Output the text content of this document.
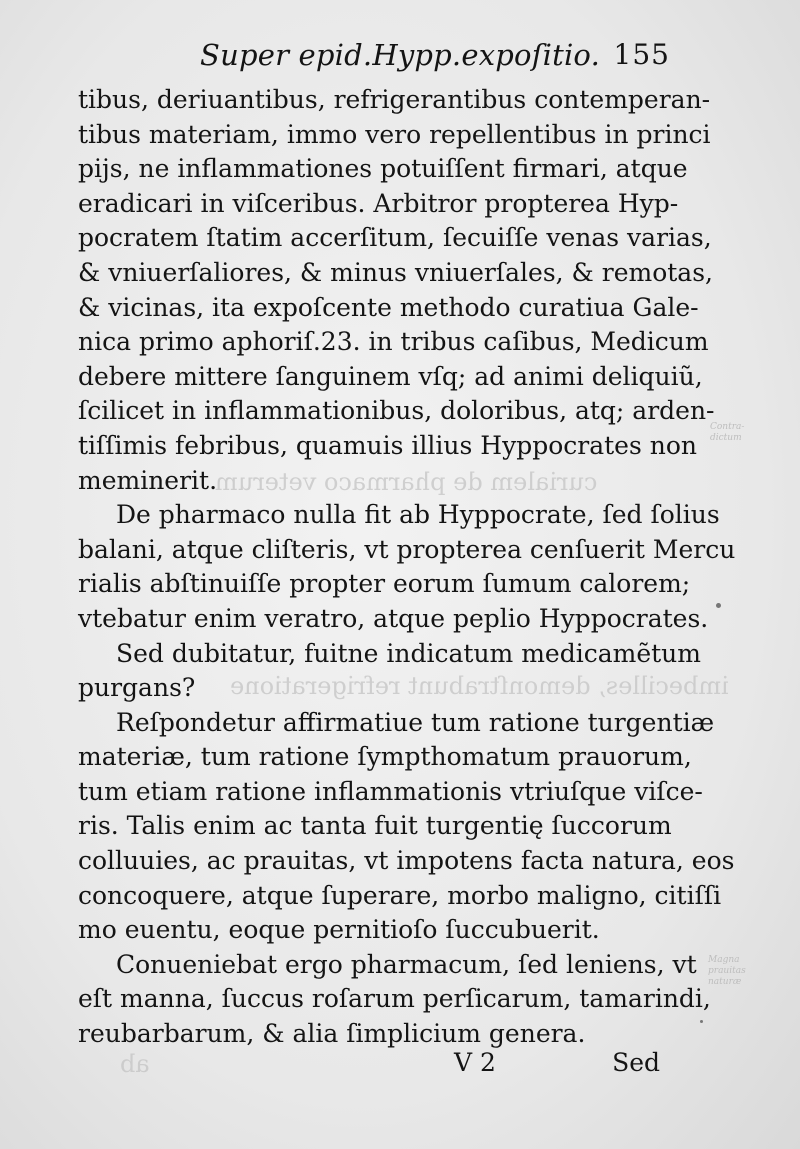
curialem de pharmaco veterum
imbecilles, demonſtrabunt refrigeratione
ab
Contra-
dictum
Magna
prauitas
naturæ
Super epid.Hypp.expoſitio. 155
tibus, deriuantibus, refrigerantibus contemperan-
tibus materiam, immo vero repellentibus in princi
pijs, ne inflammationes potuiſſent firmari, atque
eradicari in viſceribus. Arbitror propterea Hyp-
pocratem ſtatim accerſitum, ſecuiſſe venas varias,
& vniuerſaliores, & minus vniuerſales, & remotas,
& vicinas, ita expoſcente methodo curatiua Gale-
nica primo aphoriſ.23. in tribus caſibus, Medicum
debere mittere ſanguinem vſq; ad animi deliquiũ,
ſcilicet in inflammationibus, doloribus, atq; arden-
tiſſimis febribus, quamuis illius Hyppocrates non
meminerit.
De pharmaco nulla fit ab Hyppocrate, ſed ſolius
balani, atque cliſteris, vt propterea cenſuerit Mercu
rialis abſtinuiſſe propter eorum ſumum calorem;
vtebatur enim veratro, atque peplio Hyppocrates.
Sed dubitatur, fuitne indicatum medicamẽtum
purgans?
Reſpondetur affirmatiue tum ratione turgentiæ
materiæ, tum ratione ſympthomatum prauorum,
tum etiam ratione inflammationis vtriuſque viſce-
ris. Talis enim ac tanta fuit turgentię ſuccorum
colluuies, ac prauitas, vt impotens facta natura, eos
concoquere, atque ſuperare, morbo maligno, citiſſi
mo euentu, eoque pernitioſo ſuccubuerit.
Conueniebat ergo pharmacum, ſed leniens, vt
eſt manna, ſuccus roſarum perſicarum, tamarindi,
reubarbarum, & alia ſimplicium genera.
V 2	Sed
